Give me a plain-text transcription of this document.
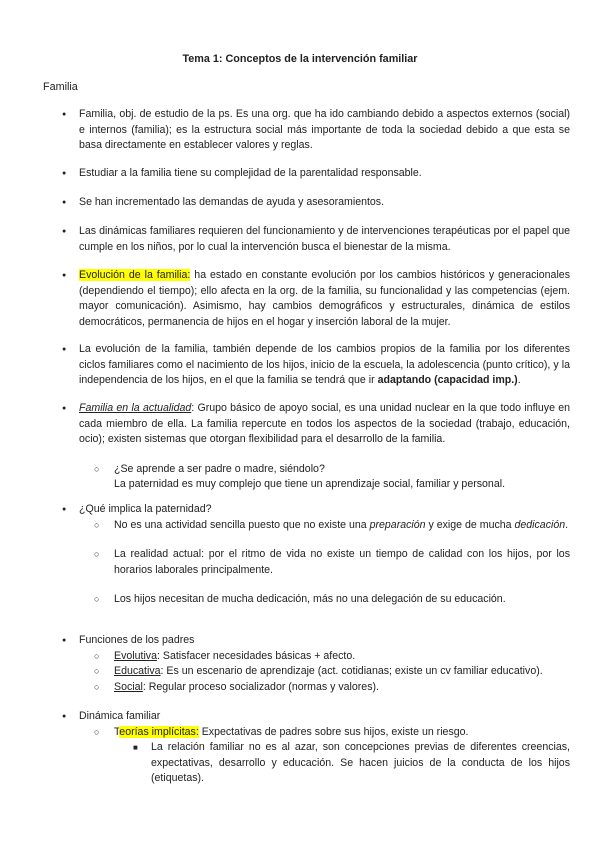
Tema 1: Conceptos de la intervención familiar
Familia
● Familia, obj. de estudio de la ps. Es una org. que ha ido cambiando debido a aspectos externos (social) e internos (familia); es la estructura social más importante de toda la sociedad debido a que esta se basa directamente en establecer valores y reglas.
● Estudiar a la familia tiene su complejidad de la parentalidad responsable.
● Se han incrementado las demandas de ayuda y asesoramientos.
● Las dinámicas familiares requieren del funcionamiento y de intervenciones terapéuticas por el papel que cumple en los niños, por lo cual la intervención busca el bienestar de la misma.
● Evolución de la familia: ha estado en constante evolución por los cambios históricos y generacionales (dependiendo el tiempo); ello afecta en la org. de la familia, su funcionalidad y las competencias (ejem. mayor comunicación). Asimismo, hay cambios demográficos y estructurales, dinámica de estilos democráticos, permanencia de hijos en el hogar y inserción laboral de la mujer.
● La evolución de la familia, también depende de los cambios propios de la familia por los diferentes ciclos familiares como el nacimiento de los hijos, inicio de la escuela, la adolescencia (punto crítico), y la independencia de los hijos, en el que la familia se tendrá que ir adaptando (capacidad imp.).
● Familia en la actualidad: Grupo básico de apoyo social, es una unidad nuclear en la que todo influye en cada miembro de ella. La familia repercute en todos los aspectos de la sociedad (trabajo, educación, ocio); existen sistemas que otorgan flexibilidad para el desarrollo de la familia.
○ ¿Se aprende a ser padre o madre, siéndolo?
La paternidad es muy complejo que tiene un aprendizaje social, familiar y personal.
● ¿Qué implica la paternidad?
○ No es una actividad sencilla puesto que no existe una preparación y exige de mucha dedicación.
○ La realidad actual: por el ritmo de vida no existe un tiempo de calidad con los hijos, por los horarios laborales principalmente.
○ Los hijos necesitan de mucha dedicación, más no una delegación de su educación.
● Funciones de los padres
○ Evolutiva: Satisfacer necesidades básicas + afecto.
○ Educativa: Es un escenario de aprendizaje (act. cotidianas; existe un cv familiar educativo).
○ Social: Regular proceso socializador (normas y valores).
● Dinámica familiar
○ Teorías implícitas: Expectativas de padres sobre sus hijos, existe un riesgo.
■ La relación familiar no es al azar, son concepciones previas de diferentes creencias, expectativas, desarrollo y educación. Se hacen juicios de la conducta de los hijos (etiquetas).
